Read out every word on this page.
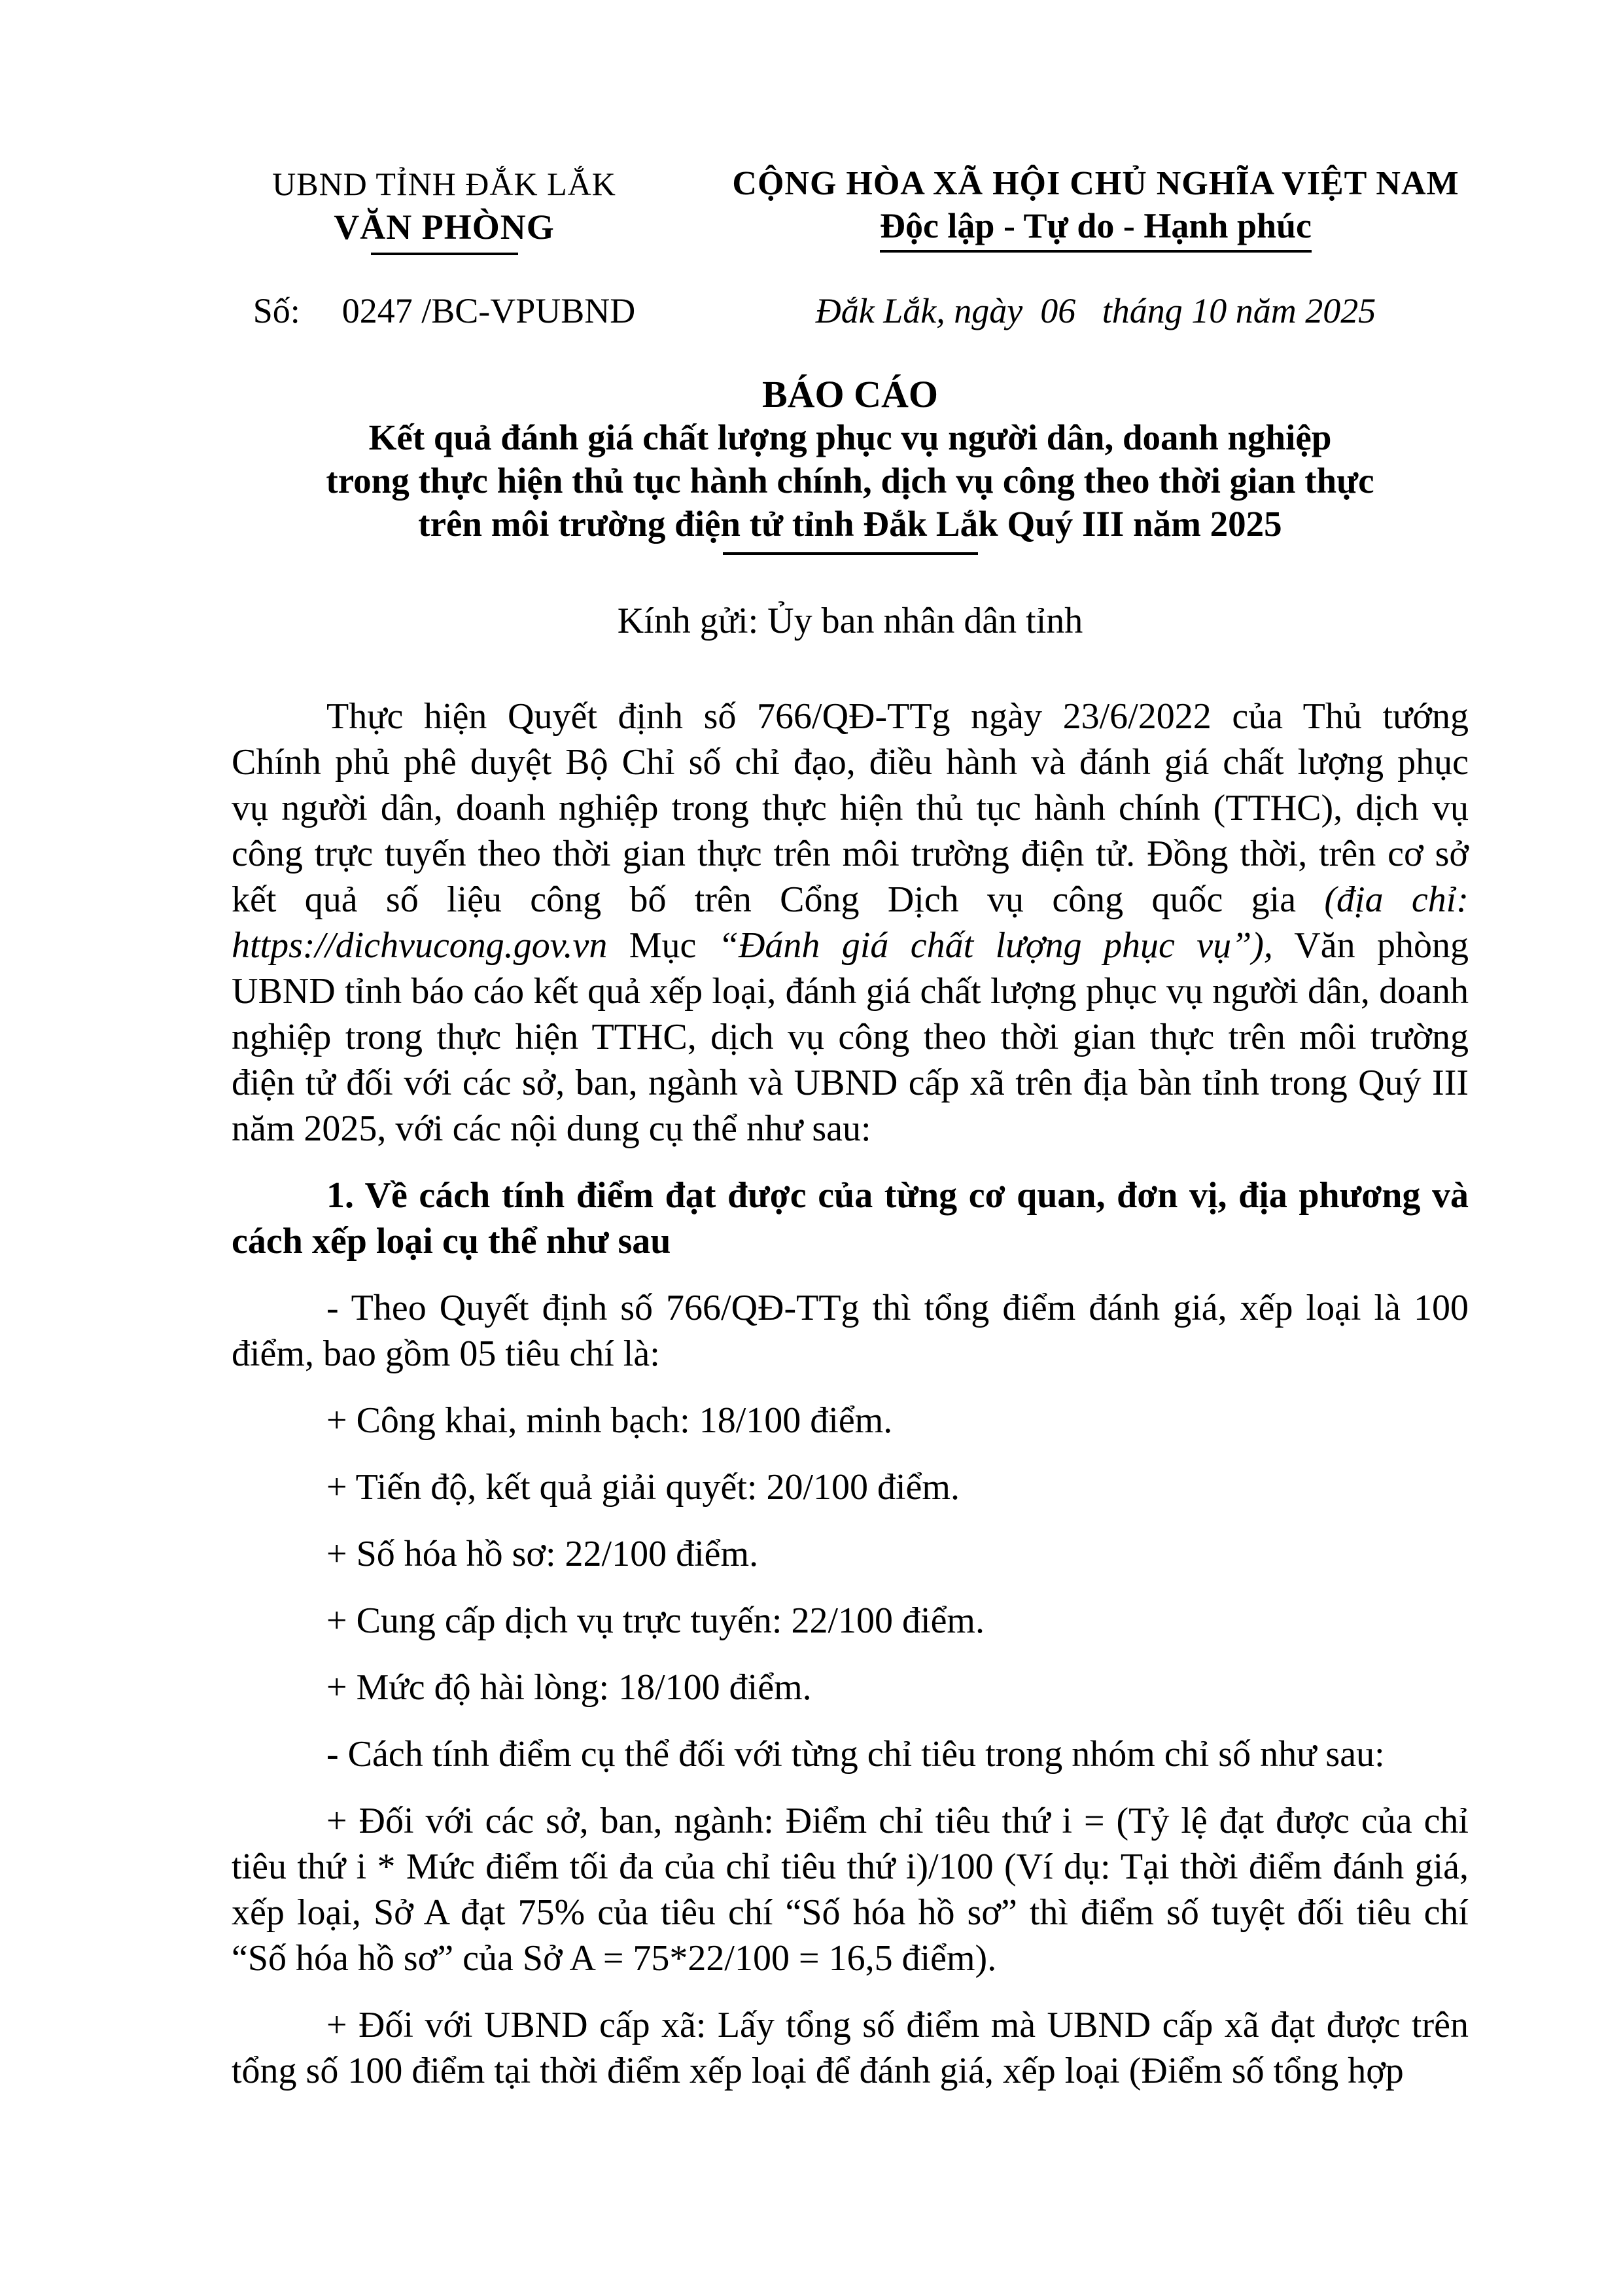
UBND TỈNH ĐẮK LẮK
VĂN PHÒNG
CỘNG HÒA XÃ HỘI CHỦ NGHĨA VIỆT NAM
Độc lập - Tự do - Hạnh phúc
Số: 0247 /BC-VPUBND	Đắk Lắk, ngày  06   tháng 10 năm 2025
BÁO CÁO
Kết quả đánh giá chất lượng phục vụ người dân, doanh nghiệp
trong thực hiện thủ tục hành chính, dịch vụ công theo thời gian thực
trên môi trường điện tử tỉnh Đắk Lắk Quý III năm 2025
Kính gửi: Ủy ban nhân dân tỉnh
Thực hiện Quyết định số 766/QĐ-TTg ngày 23/6/2022 của Thủ tướng
Chính phủ phê duyệt Bộ Chỉ số chỉ đạo, điều hành và đánh giá chất lượng phục
vụ người dân, doanh nghiệp trong thực hiện thủ tục hành chính (TTHC), dịch vụ
công trực tuyến theo thời gian thực trên môi trường điện tử. Đồng thời, trên cơ sở
kết quả số liệu công bố trên Cổng Dịch vụ công quốc gia (địa chỉ:
https://dichvucong.gov.vn Mục “Đánh giá chất lượng phục vụ”), Văn phòng
UBND tỉnh báo cáo kết quả xếp loại, đánh giá chất lượng phục vụ người dân, doanh
nghiệp trong thực hiện TTHC, dịch vụ công theo thời gian thực trên môi trường
điện tử đối với các sở, ban, ngành và UBND cấp xã trên địa bàn tỉnh trong Quý III
năm 2025, với các nội dung cụ thể như sau:
1. Về cách tính điểm đạt được của từng cơ quan, đơn vị, địa phương và
cách xếp loại cụ thể như sau
- Theo Quyết định số 766/QĐ-TTg thì tổng điểm đánh giá, xếp loại là 100
điểm, bao gồm 05 tiêu chí là:
+ Công khai, minh bạch: 18/100 điểm.
+ Tiến độ, kết quả giải quyết: 20/100 điểm.
+ Số hóa hồ sơ: 22/100 điểm.
+ Cung cấp dịch vụ trực tuyến: 22/100 điểm.
+ Mức độ hài lòng: 18/100 điểm.
- Cách tính điểm cụ thể đối với từng chỉ tiêu trong nhóm chỉ số như sau:
+ Đối với các sở, ban, ngành: Điểm chỉ tiêu thứ i = (Tỷ lệ đạt được của chỉ
tiêu thứ i * Mức điểm tối đa của chỉ tiêu thứ i)/100 (Ví dụ: Tại thời điểm đánh giá,
xếp loại, Sở A đạt 75% của tiêu chí “Số hóa hồ sơ” thì điểm số tuyệt đối tiêu chí
“Số hóa hồ sơ” của Sở A = 75*22/100 = 16,5 điểm).
+ Đối với UBND cấp xã: Lấy tổng số điểm mà UBND cấp xã đạt được trên
tổng số 100 điểm tại thời điểm xếp loại để đánh giá, xếp loại (Điểm số tổng hợp
